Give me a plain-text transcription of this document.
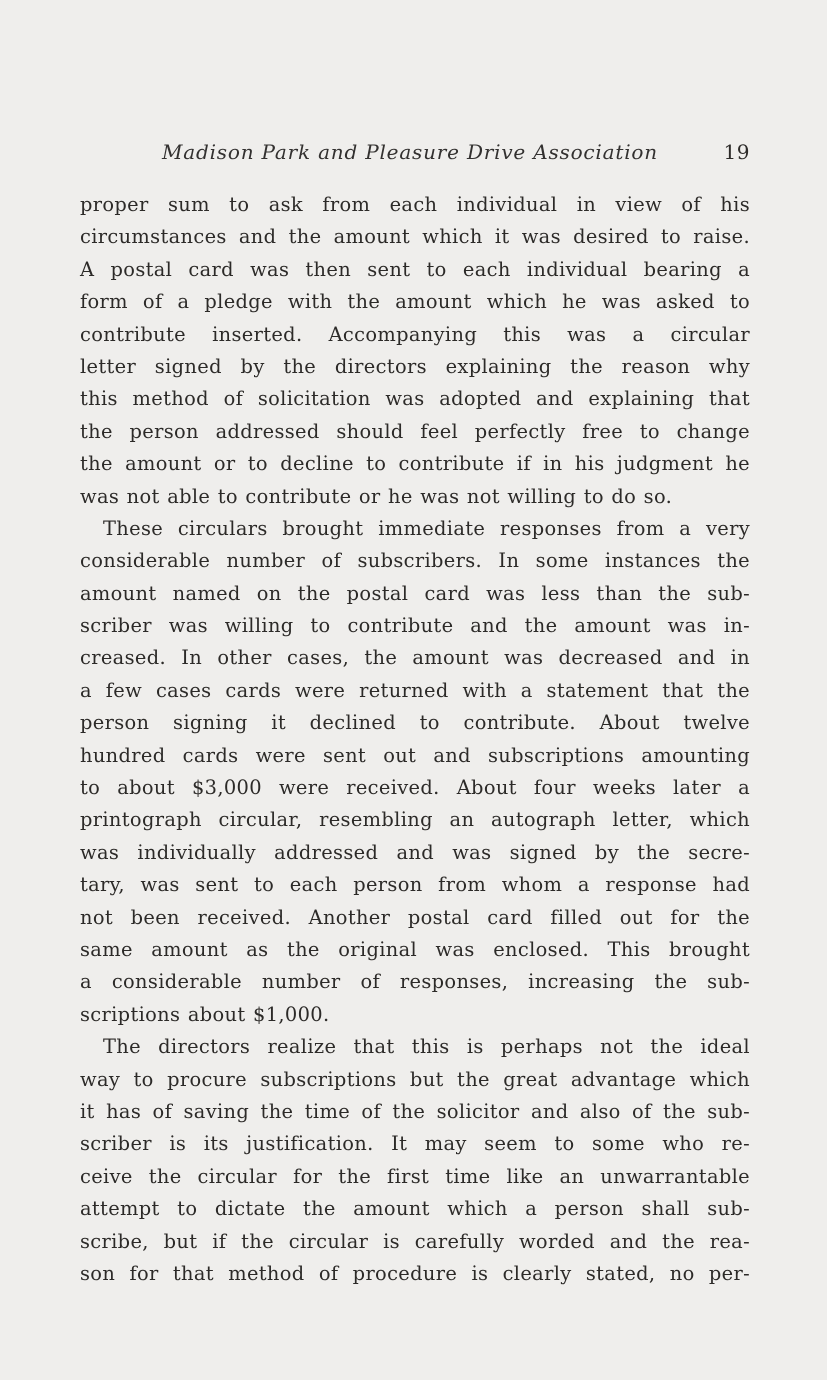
Madison Park and Pleasure Drive Association	19
proper sum to ask from each individual in view of his
circumstances and the amount which it was desired to raise.
A postal card was then sent to each individual bearing a
form of a pledge with the amount which he was asked to
contribute inserted. Accompanying this was a circular
letter signed by the directors explaining the reason why
this method of solicitation was adopted and explaining that
the person addressed should feel perfectly free to change
the amount or to decline to contribute if in his judgment he
was not able to contribute or he was not willing to do so.
These circulars brought immediate responses from a very
considerable number of subscribers. In some instances the
amount named on the postal card was less than the sub-
scriber was willing to contribute and the amount was in-
creased. In other cases, the amount was decreased and in
a few cases cards were returned with a statement that the
person signing it declined to contribute. About twelve
hundred cards were sent out and subscriptions amounting
to about $3,000 were received. About four weeks later a
printograph circular, resembling an autograph letter, which
was individually addressed and was signed by the secre-
tary, was sent to each person from whom a response had
not been received. Another postal card filled out for the
same amount as the original was enclosed. This brought
a considerable number of responses, increasing the sub-
scriptions about $1,000.
The directors realize that this is perhaps not the ideal
way to procure subscriptions but the great advantage which
it has of saving the time of the solicitor and also of the sub-
scriber is its justification. It may seem to some who re-
ceive the circular for the first time like an unwarrantable
attempt to dictate the amount which a person shall sub-
scribe, but if the circular is carefully worded and the rea-
son for that method of procedure is clearly stated, no per-
